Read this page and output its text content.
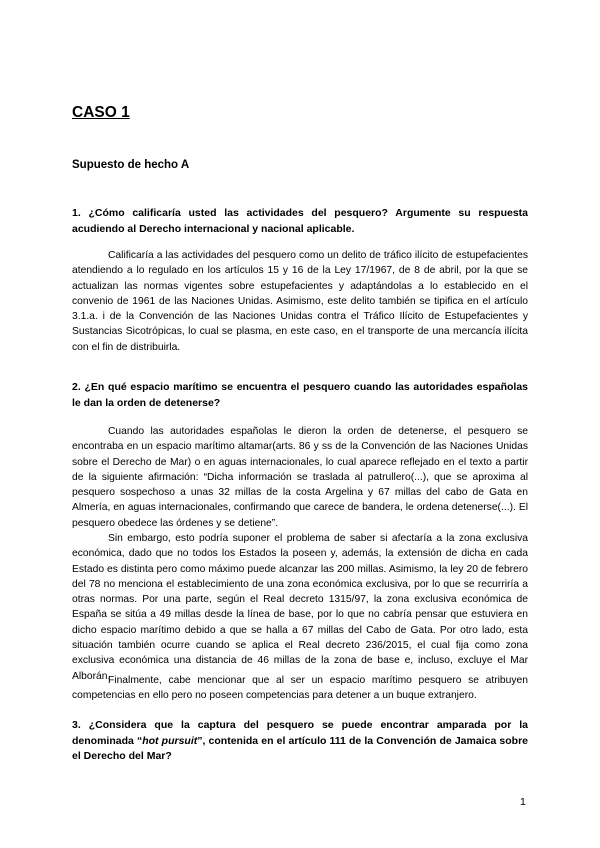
CASO 1
Supuesto de hecho A

1. ¿Cómo calificaría usted las actividades del pesquero? Argumente su respuesta acudiendo al Derecho internacional y nacional aplicable.

Calificaría a las actividades del pesquero como un delito de tráfico ilícito de estupefacientes atendiendo a lo regulado en los artículos 15 y 16 de la Ley 17/1967, de 8 de abril, por la que se actualizan las normas vigentes sobre estupefacientes y adaptándolas a lo establecido en el convenio de 1961 de las Naciones Unidas. Asimismo, este delito también se tipifica en el artículo 3.1.a. i de la Convención de las Naciones Unidas contra el Tráfico Ilícito de Estupefacientes y Sustancias Sicotrópicas, lo cual se plasma, en este caso, en el transporte de una mercancía ilícita con el fin de distribuirla.

2. ¿En qué espacio marítimo se encuentra el pesquero cuando las autoridades españolas le dan la orden de detenerse?

Cuando las autoridades españolas le dieron la orden de detenerse, el pesquero se encontraba en un espacio marítimo altamar(arts. 86 y ss de la Convención de las Naciones Unidas sobre el Derecho de Mar) o en aguas internacionales, lo cual aparece reflejado en el texto a partir de la siguiente afirmación: “Dicha información se traslada al patrullero(...), que se aproxima al pesquero sospechoso a unas 32 millas de la costa Argelina y 67 millas del cabo de Gata en Almería, en aguas internacionales, confirmando que carece de bandera, le ordena detenerse(...). El pesquero obedece las órdenes y se detiene”.

Sin embargo, esto podría suponer el problema de saber si afectaría a la zona exclusiva económica, dado que no todos los Estados la poseen y, además, la extensión de dicha en cada Estado es distinta pero como máximo puede alcanzar las 200 millas. Asimismo, la ley 20 de febrero del 78 no menciona el establecimiento de una zona económica exclusiva, por lo que se recurriría a otras normas. Por una parte, según el Real decreto 1315/97, la zona exclusiva económica de España se sitúa a 49 millas desde la línea de base, por lo que no cabría pensar que estuviera en dicho espacio marítimo debido a que se halla a 67 millas del Cabo de Gata. Por otro lado, esta situación también ocurre cuando se aplica el Real decreto 236/2015, el cual fija como zona exclusiva económica una distancia de 46 millas de la zona de base e, incluso, excluye el Mar Alborán.

Finalmente, cabe mencionar que al ser un espacio marítimo pesquero se atribuyen competencias en ello pero no poseen competencias para detener a un buque extranjero.

3. ¿Considera que la captura del pesquero se puede encontrar amparada por la denominada “hot pursuit”, contenida en el artículo 111 de la Convención de Jamaica sobre el Derecho del Mar?

1
